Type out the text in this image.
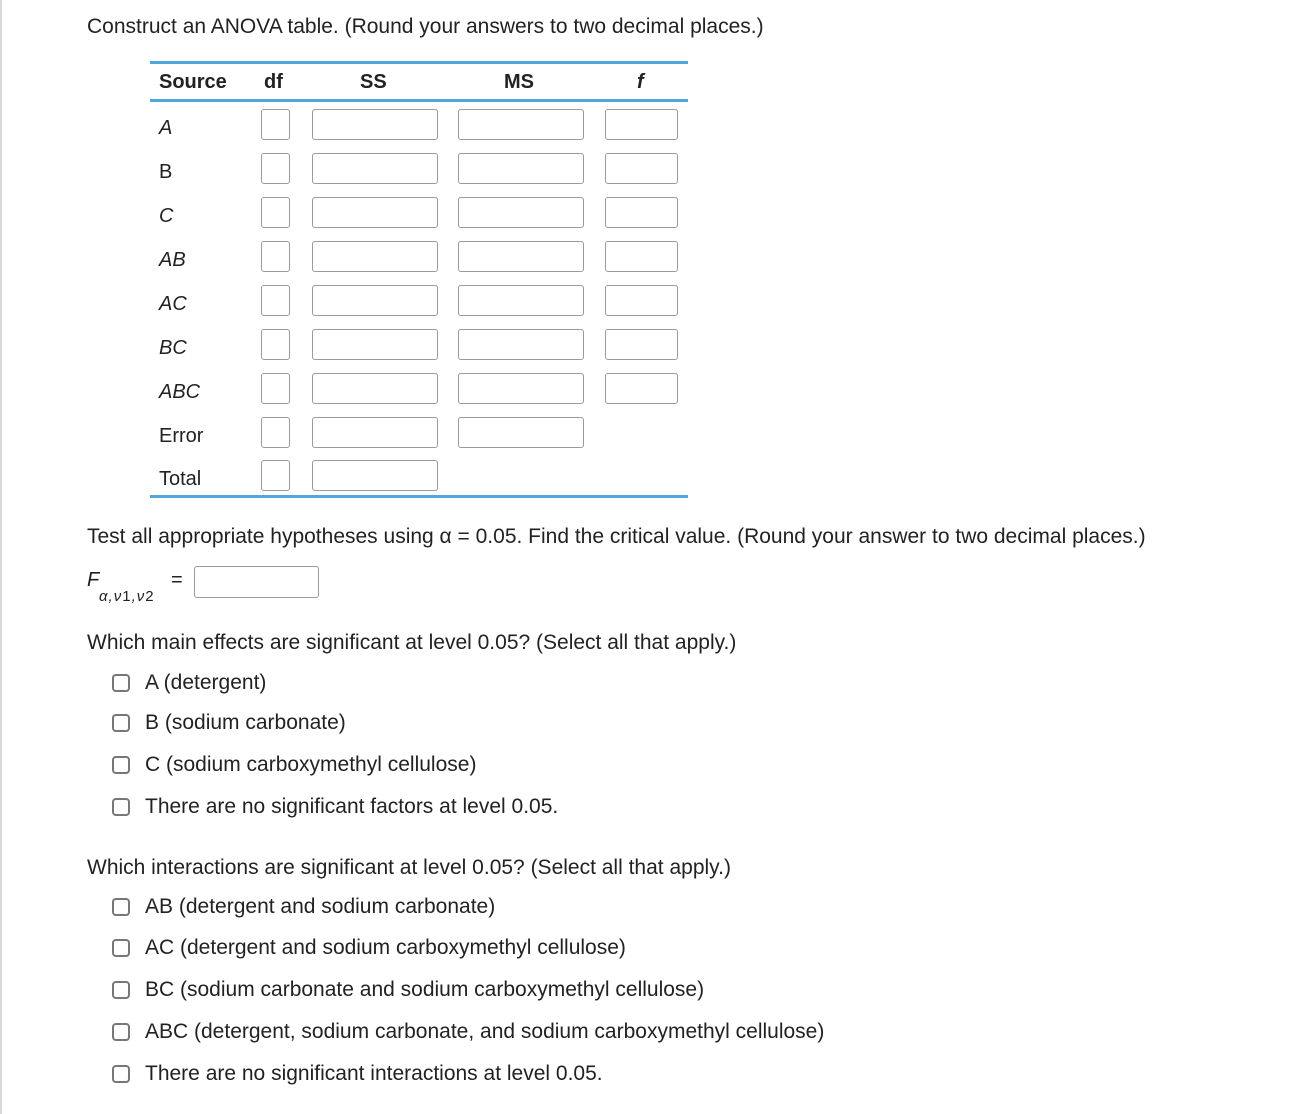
Construct an ANOVA table. (Round your answers to two decimal places.)
Source df	SS	MS	f
A
B
C
AB
AC
BC
ABC
Error
Total
Test all appropriate hypotheses using α = 0.05. Find the critical value. (Round your answer to two decimal places.)
F
α,ν1,ν2
=
Which main effects are significant at level 0.05? (Select all that apply.)
A (detergent)
B (sodium carbonate)
C (sodium carboxymethyl cellulose)
There are no significant factors at level 0.05.
Which interactions are significant at level 0.05? (Select all that apply.)
AB (detergent and sodium carbonate)
AC (detergent and sodium carboxymethyl cellulose)
BC (sodium carbonate and sodium carboxymethyl cellulose)
ABC (detergent, sodium carbonate, and sodium carboxymethyl cellulose)
There are no significant interactions at level 0.05.
